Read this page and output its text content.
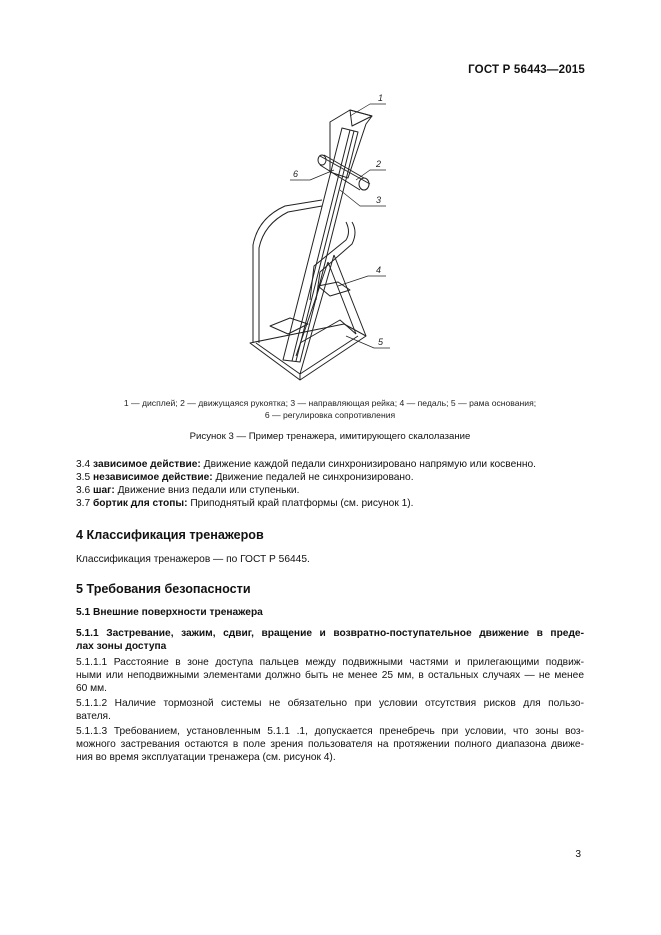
ГОСТ Р 56443—2015
1
2
3
4
5
6
1 — дисплей; 2 — движущаяся рукоятка; 3 — направляющая рейка; 4 — педаль; 5 — рама основания;
6 — регулировка сопротивления
Рисунок 3 — Пример тренажера, имитирующего скалолазание
3.4 зависимое действие: Движение каждой педали синхронизировано напрямую или косвенно.
3.5 независимое действие: Движение педалей не синхронизировано.
3.6 шаг: Движение вниз педали или ступеньки.
3.7 бортик для стопы: Приподнятый край платформы (см. рисунок 1).
4 Классификация тренажеров
Классификация тренажеров — по ГОСТ Р 56445.
5 Требования безопасности
5.1 Внешние поверхности тренажера
5.1.1 Застревание, зажим, сдвиг, вращение и возвратно-поступательное движение в преде-
лах зоны доступа
5.1.1.1 Расстояние в зоне доступа пальцев между подвижными частями и прилегающими подвиж-
ными или неподвижными элементами должно быть не менее 25 мм, в остальных случаях — не менее
60 мм.
5.1.1.2 Наличие тормозной системы не обязательно при условии отсутствия рисков для пользо-
вателя.
5.1.1.3 Требованием, установленным 5.1.1 .1, допускается пренебречь при условии, что зоны воз-
можного застревания остаются в поле зрения пользователя на протяжении полного диапазона движе-
ния во время эксплуатации тренажера (см. рисунок 4).
3
